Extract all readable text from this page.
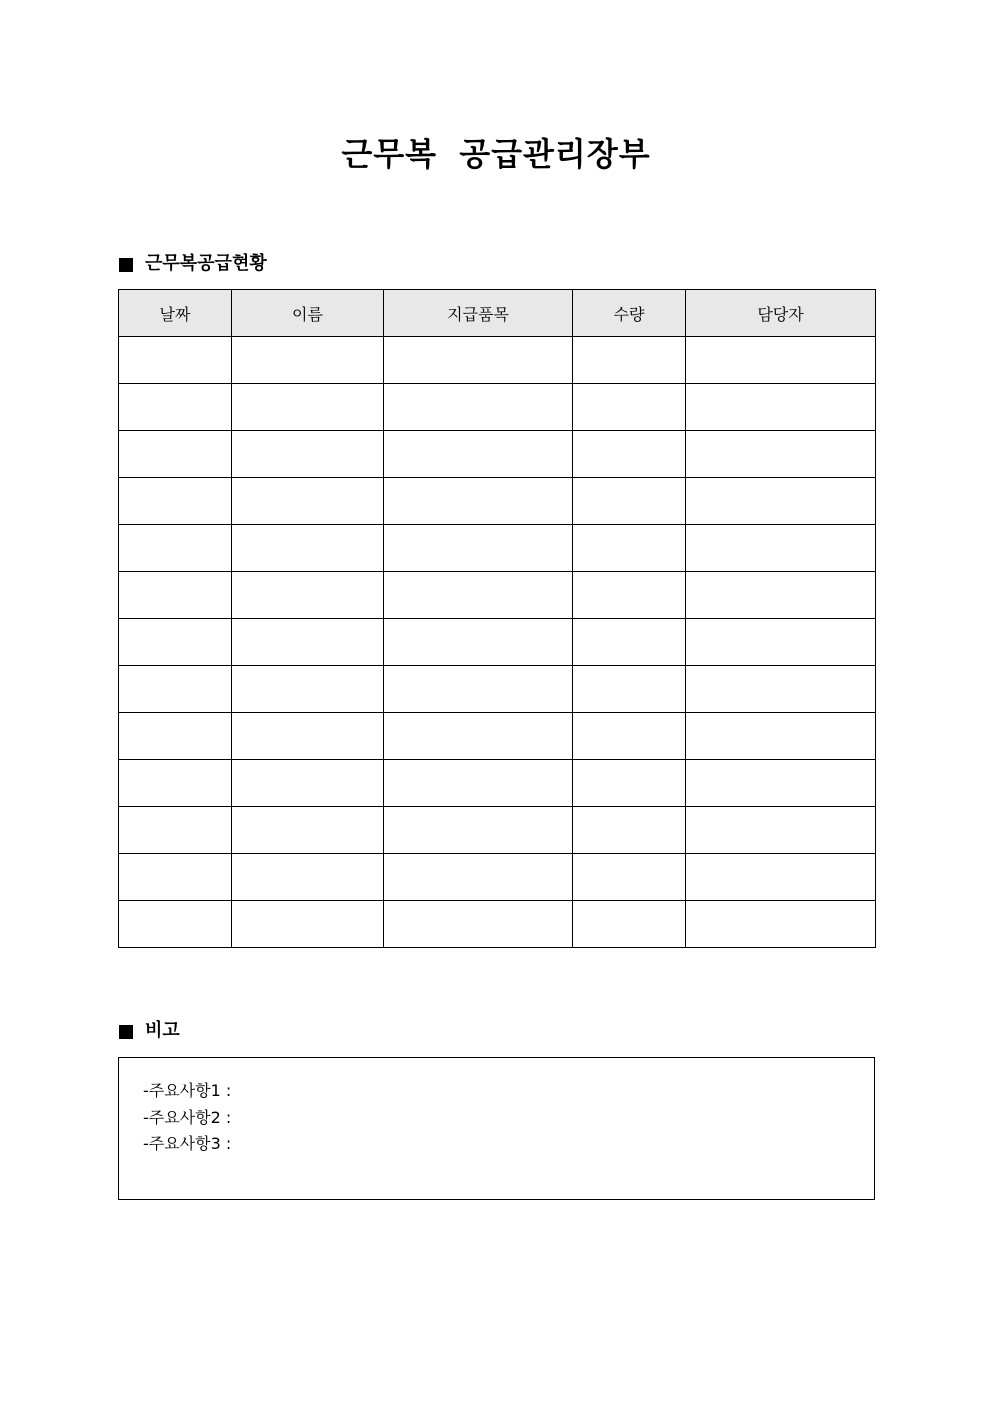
근무복 공급관리장부
근무복공급현황
날짜	이름	지급품목	수량	담당자

비고
-주요사항1 :
-주요사항2 :
-주요사항3 :
